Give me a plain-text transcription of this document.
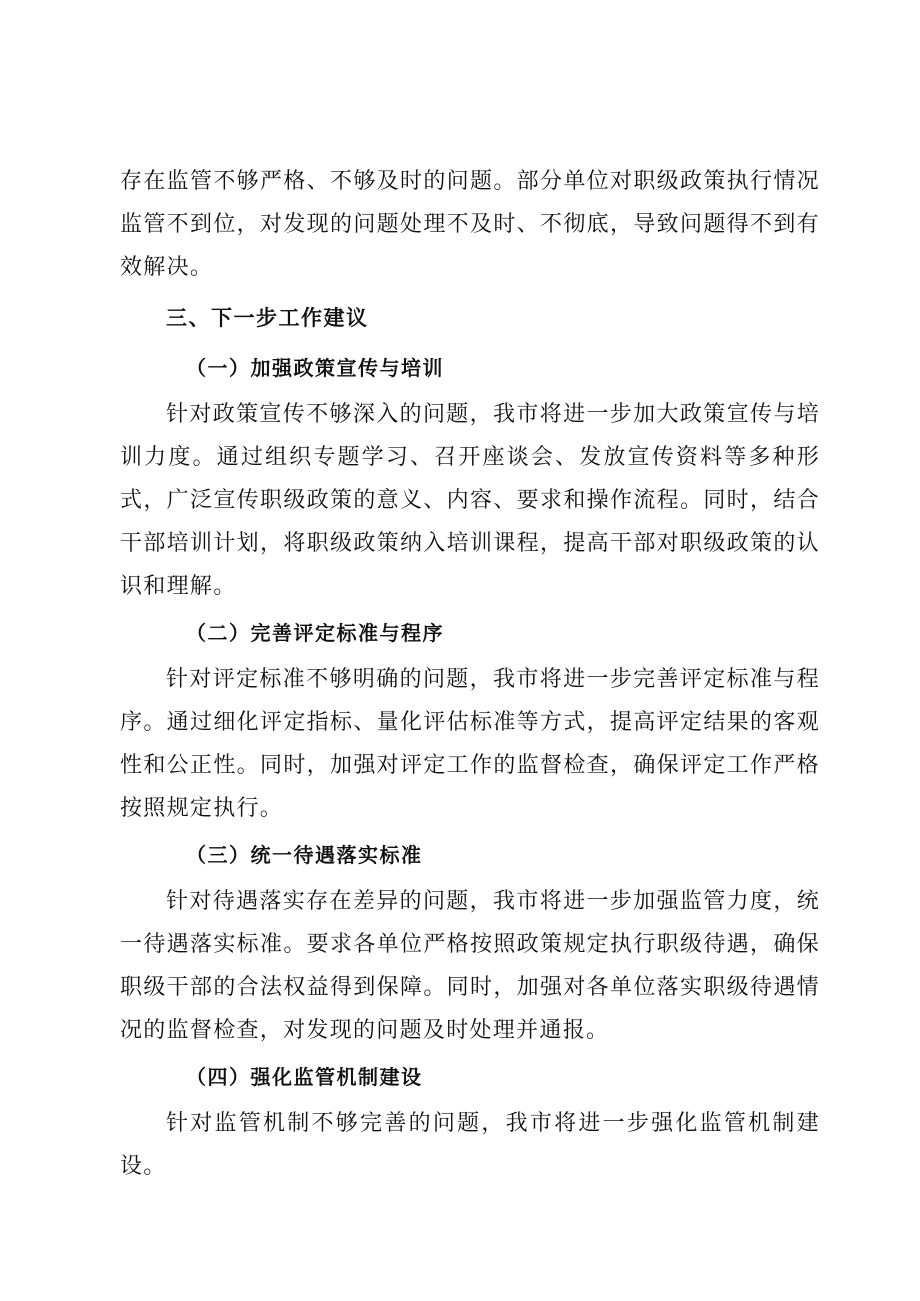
存在监管不够严格、不够及时的问题。部分单位对职级政策执行情况监管不到位，对发现的问题处理不及时、不彻底，导致问题得不到有效解决。

三、下一步工作建议
（一）加强政策宣传与培训

针对政策宣传不够深入的问题，我市将进一步加大政策宣传与培训力度。通过组织专题学习、召开座谈会、发放宣传资料等多种形式，广泛宣传职级政策的意义、内容、要求和操作流程。同时，结合干部培训计划，将职级政策纳入培训课程，提高干部对职级政策的认识和理解。

（二）完善评定标准与程序

针对评定标准不够明确的问题，我市将进一步完善评定标准与程序。通过细化评定指标、量化评估标准等方式，提高评定结果的客观性和公正性。同时，加强对评定工作的监督检查，确保评定工作严格按照规定执行。

（三）统一待遇落实标准

针对待遇落实存在差异的问题，我市将进一步加强监管力度，统一待遇落实标准。要求各单位严格按照政策规定执行职级待遇，确保职级干部的合法权益得到保障。同时，加强对各单位落实职级待遇情况的监督检查，对发现的问题及时处理并通报。

（四）强化监管机制建设

针对监管机制不够完善的问题，我市将进一步强化监管机制建设。
